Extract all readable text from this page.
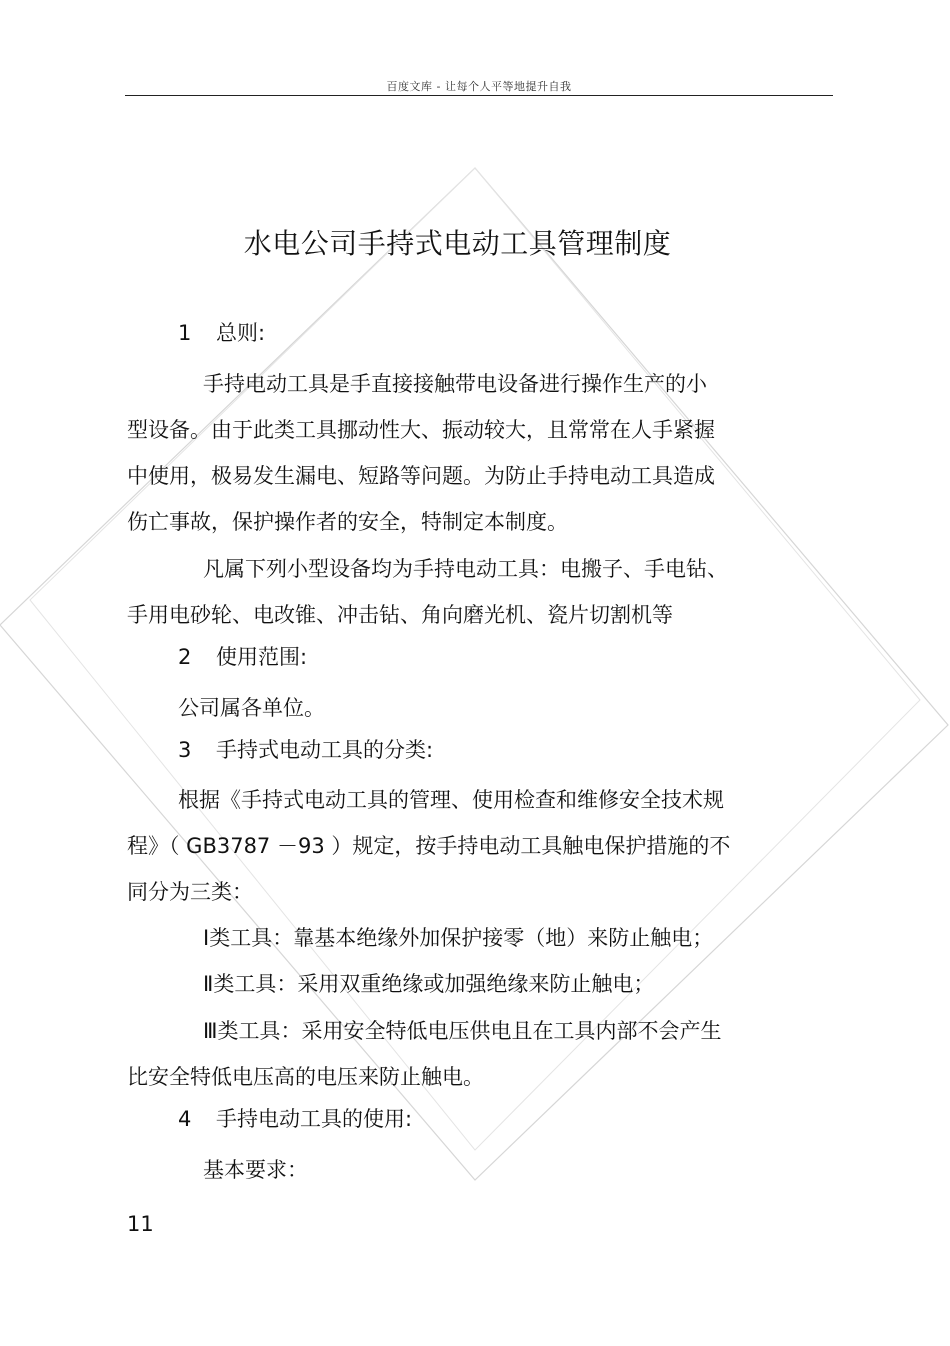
百度文库 - 让每个人平等地提升自我
水电公司手持式电动工具管理制度
1 总则:
手持电动工具是手直接接触带电设备进行操作生产的小
型设备。由于此类工具挪动性大、振动较大，且常常在人手紧握
中使用，极易发生漏电、短路等问题。为防止手持电动工具造成
伤亡事故，保护操作者的安全，特制定本制度。
凡属下列小型设备均为手持电动工具：电搬子、手电钻、
手用电砂轮、电改锥、冲击钻、角向磨光机、瓷片切割机等
2 使用范围:
公司属各单位。
3 手持式电动工具的分类:
根据《手持式电动工具的管理、使用检查和维修安全技术规
程》（ GB3787 －93 ）规定，按手持电动工具触电保护措施的不
同分为三类：
Ⅰ类工具：靠基本绝缘外加保护接零（地）来防止触电；
Ⅱ类工具：采用双重绝缘或加强绝缘来防止触电；
Ⅲ类工具：采用安全特低电压供电且在工具内部不会产生
比安全特低电压高的电压来防止触电。
4 手持电动工具的使用:
基本要求：
11
